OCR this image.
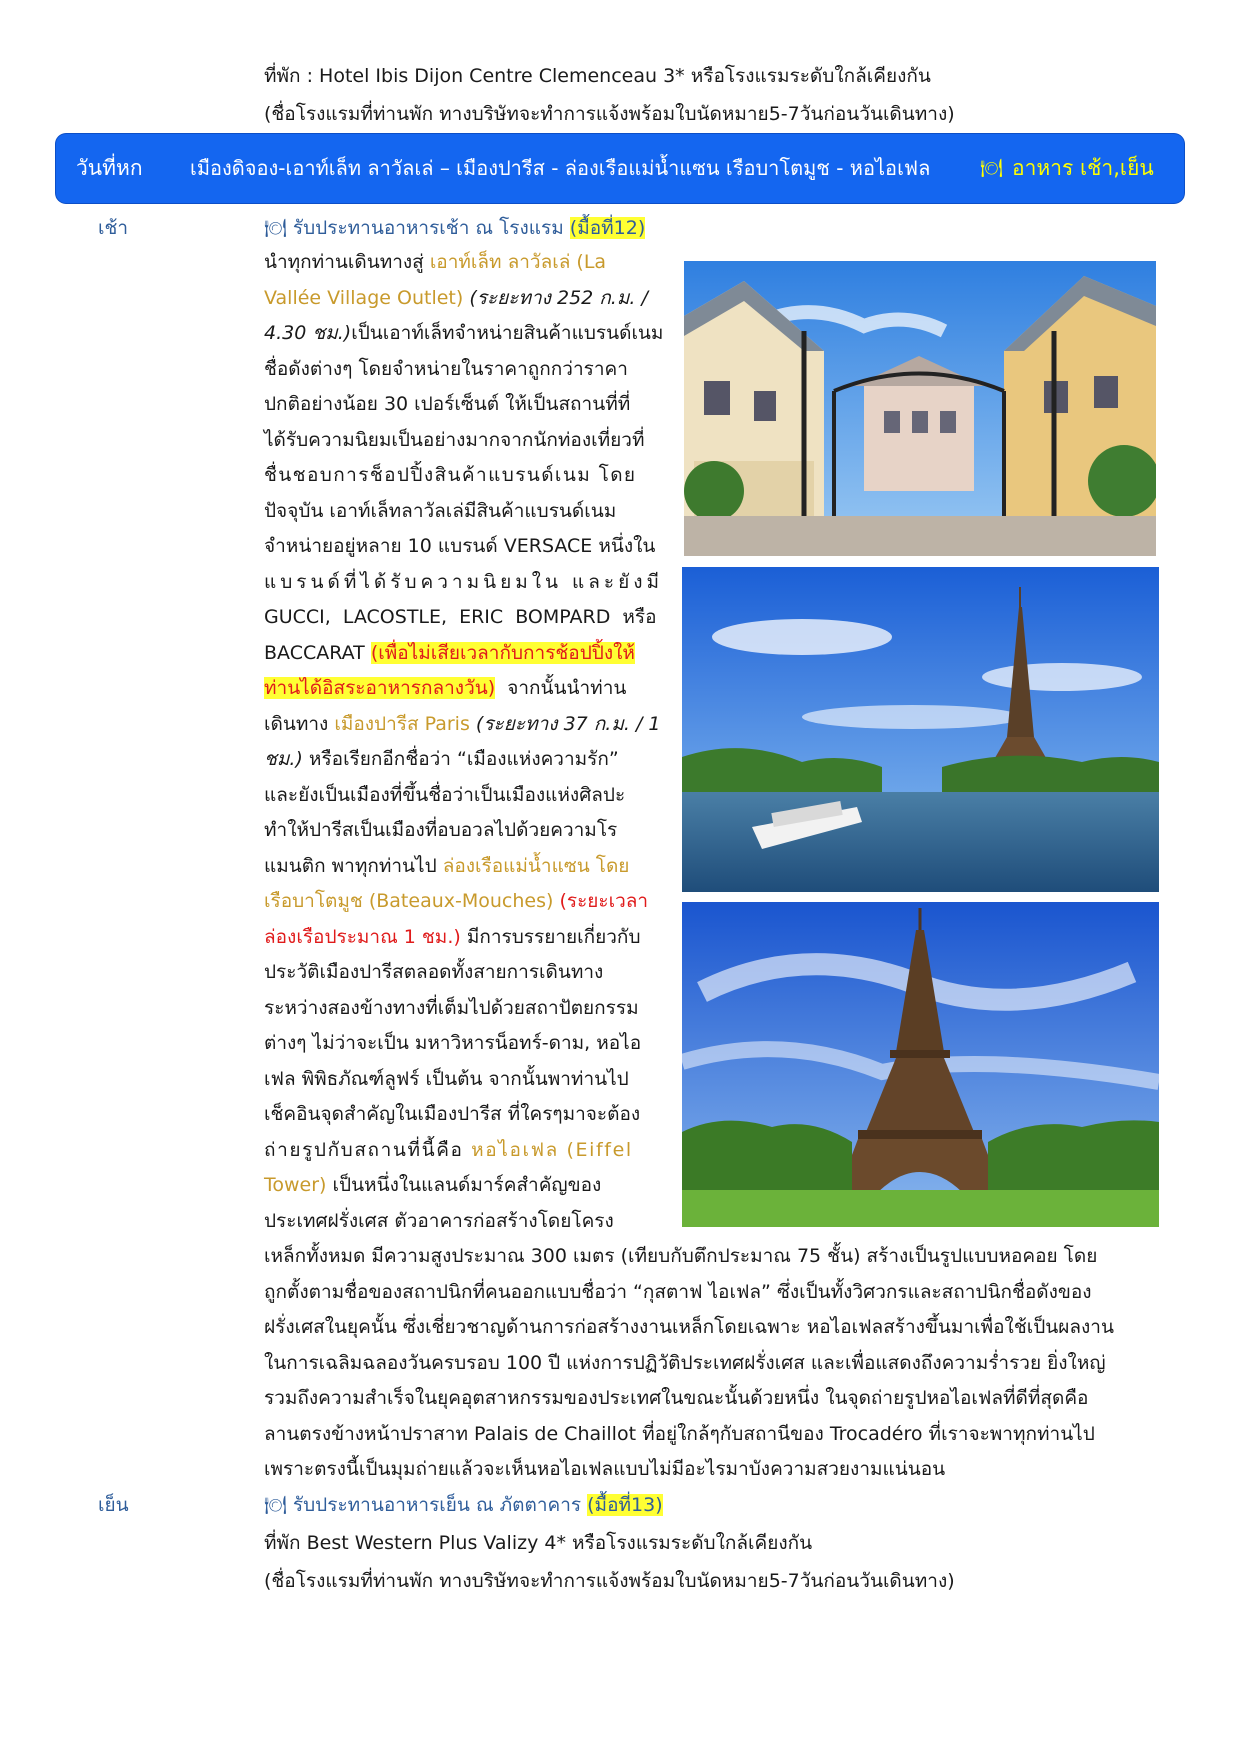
ที่พัก : Hotel Ibis Dijon Centre Clemenceau 3* หรือโรงแรมระดับใกล้เคียงกัน
(ชื่อโรงแรมที่ท่านพัก ทางบริษัทจะทำการแจ้งพร้อมใบนัดหมาย5-7วันก่อนวันเดินทาง)
วันที่หก เมืองดิจอง-เอาท์เล็ท ลาวัลเล่ – เมืองปารีส - ล่องเรือแม่น้ำแซน เรือบาโตมูช - หอไอเฟล	🍽 อาหาร เช้า,เย็น
เช้า	🍽 รับประทานอาหารเช้า ณ โรงแรม (มื้อที่12)
นำทุกท่านเดินทางสู่ เอาท์เล็ท ลาวัลเล่ (La
Vallée Village Outlet) (ระยะทาง 252 ก.ม. /
4.30 ชม.)เป็นเอาท์เล็ทจำหน่ายสินค้าแบรนด์เนม
ชื่อดังต่างๆ โดยจำหน่ายในราคาถูกกว่าราคา
ปกติอย่างน้อย 30 เปอร์เซ็นต์ ให้เป็นสถานที่ที่
ได้รับความนิยมเป็นอย่างมากจากนักท่องเที่ยวที่
ชื่นชอบการช็อปปิ้งสินค้าแบรนด์เนม โดย
ปัจจุบัน เอาท์เล็ทลาวัลเล่มีสินค้าแบรนด์เนม
จำหน่ายอยู่หลาย 10 แบรนด์ VERSACE หนึ่งใน
แบรนด์ที่ได้รับความนิยมใน และยังมี
GUCCI, LACOSTLE, ERIC BOMPARD หรือ
BACCARAT (เพื่อไม่เสียเวลากับการช้อปปิ้งให้
ท่านได้อิสระอาหารกลางวัน) จากนั้นนำท่าน
เดินทาง เมืองปารีส Paris (ระยะทาง 37 ก.ม. / 1
ชม.) หรือเรียกอีกชื่อว่า “เมืองแห่งความรัก”
และยังเป็นเมืองที่ขึ้นชื่อว่าเป็นเมืองแห่งศิลปะ
ทำให้ปารีสเป็นเมืองที่อบอวลไปด้วยความโร
แมนติก พาทุกท่านไป ล่องเรือแม่น้ำแซน โดย
เรือบาโตมูช (Bateaux-Mouches) (ระยะเวลา
ล่องเรือประมาณ 1 ชม.) มีการบรรยายเกี่ยวกับ
ประวัติเมืองปารีสตลอดทั้งสายการเดินทาง
ระหว่างสองข้างทางที่เต็มไปด้วยสถาปัตยกรรม
ต่างๆ ไม่ว่าจะเป็น มหาวิหารน็อทร์-ดาม, หอไอ
เฟล พิพิธภัณฑ์ลูฟร์ เป็นต้น จากนั้นพาท่านไป
เช็คอินจุดสำคัญในเมืองปารีส ที่ใครๆมาจะต้อง
ถ่ายรูปกับสถานที่นี้คือ หอไอเฟล (Eiffel
Tower) เป็นหนึ่งในแลนด์มาร์คสำคัญของ
ประเทศฝรั่งเศส ตัวอาคารก่อสร้างโดยโครง
เหล็กทั้งหมด มีความสูงประมาณ 300 เมตร (เทียบกับตึกประมาณ 75 ชั้น) สร้างเป็นรูปแบบหอคอย โดย
ถูกตั้งตามชื่อของสถาปนิกที่คนออกแบบชื่อว่า “กุสตาฟ ไอเฟล” ซึ่งเป็นทั้งวิศวกรและสถาปนิกชื่อดังของ
ฝรั่งเศสในยุคนั้น ซึ่งเชี่ยวชาญด้านการก่อสร้างงานเหล็กโดยเฉพาะ หอไอเฟลสร้างขึ้นมาเพื่อใช้เป็นผลงาน
ในการเฉลิมฉลองวันครบรอบ 100 ปี แห่งการปฏิวัติประเทศฝรั่งเศส และเพื่อแสดงถึงความร่ำรวย ยิ่งใหญ่
รวมถึงความสำเร็จในยุคอุตสาหกรรมของประเทศในขณะนั้นด้วยหนึ่ง ในจุดถ่ายรูปหอไอเฟลที่ดีที่สุดคือ
ลานตรงข้างหน้าปราสาท Palais de Chaillot ที่อยู่ใกล้ๆกับสถานีของ Trocadéro ที่เราจะพาทุกท่านไป
เพราะตรงนี้เป็นมุมถ่ายแล้วจะเห็นหอไอเฟลแบบไม่มีอะไรมาบังความสวยงามแน่นอน
เย็น	🍽 รับประทานอาหารเย็น ณ ภัตตาคาร (มื้อที่13)
ที่พัก Best Western Plus Valizy 4* หรือโรงแรมระดับใกล้เคียงกัน
(ชื่อโรงแรมที่ท่านพัก ทางบริษัทจะทำการแจ้งพร้อมใบนัดหมาย5-7วันก่อนวันเดินทาง)
